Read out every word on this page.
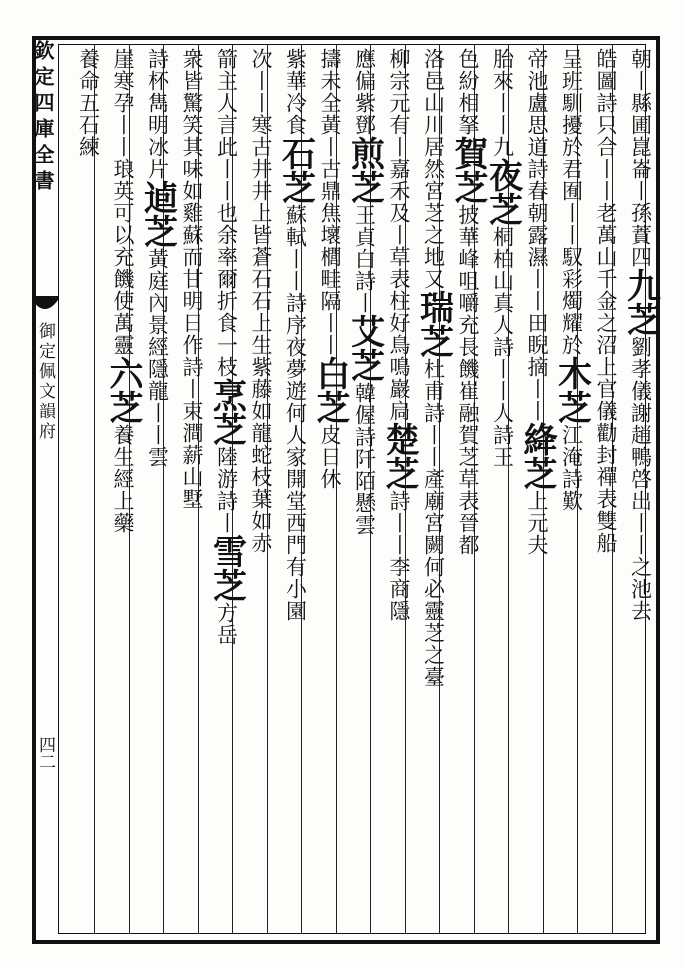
欽定四庫全書
御定佩文韻府
四二
朝丨縣圃崑崙丨孫蕡四九芝劉孝儀謝趙鴨啓出丨丨之池去
皓圖詩只合丨丨老萬山千金之沼上官儀勸封禪表雙船
呈班馴擾於君囿丨丨馭彩燭耀於木芝江淹詩歎
帝池盧思道詩春朝露濕丨丨田睨摘丨丨絳芝上元夫
胎來丨丨九夜芝桐柏山真人詩丨丨人詩王
色紛相拏賀芝披華峰咀嚼充長饑崔融賀芝草表晉都
洛邑山川居然宮芝之地又瑞芝杜甫詩丨丨產廟宮闕何必靈芝之臺
柳宗元有丨嘉禾及丨草表柱好鳥鳴巖扃楚芝詩丨丨李商隱
應偏紫鄧煎芝王貞白詩丨艾芝韓偓詩阡陌懸雲
擣未全黃丨古鼎焦壞櫚畦隔丨丨白芝皮日休
紫華冷食石芝蘇軾丨丨詩序夜夢遊何人家開堂西門有小園
次丨丨寒古井井上皆蒼石石上生紫藤如龍蛇枝葉如赤
箭主人言此丨丨也余率爾折食一枝烹芝陸游詩丨雪芝方岳
衆皆驚笑其味如雞蘇而甘明日作詩丨束澗薪山墅
詩杯雋明冰片逌芝黃庭內景經隱龍丨丨雲
崖寒孕丨丨琅英可以充饑使萬靈六芝養生經上藥
養命五石練
